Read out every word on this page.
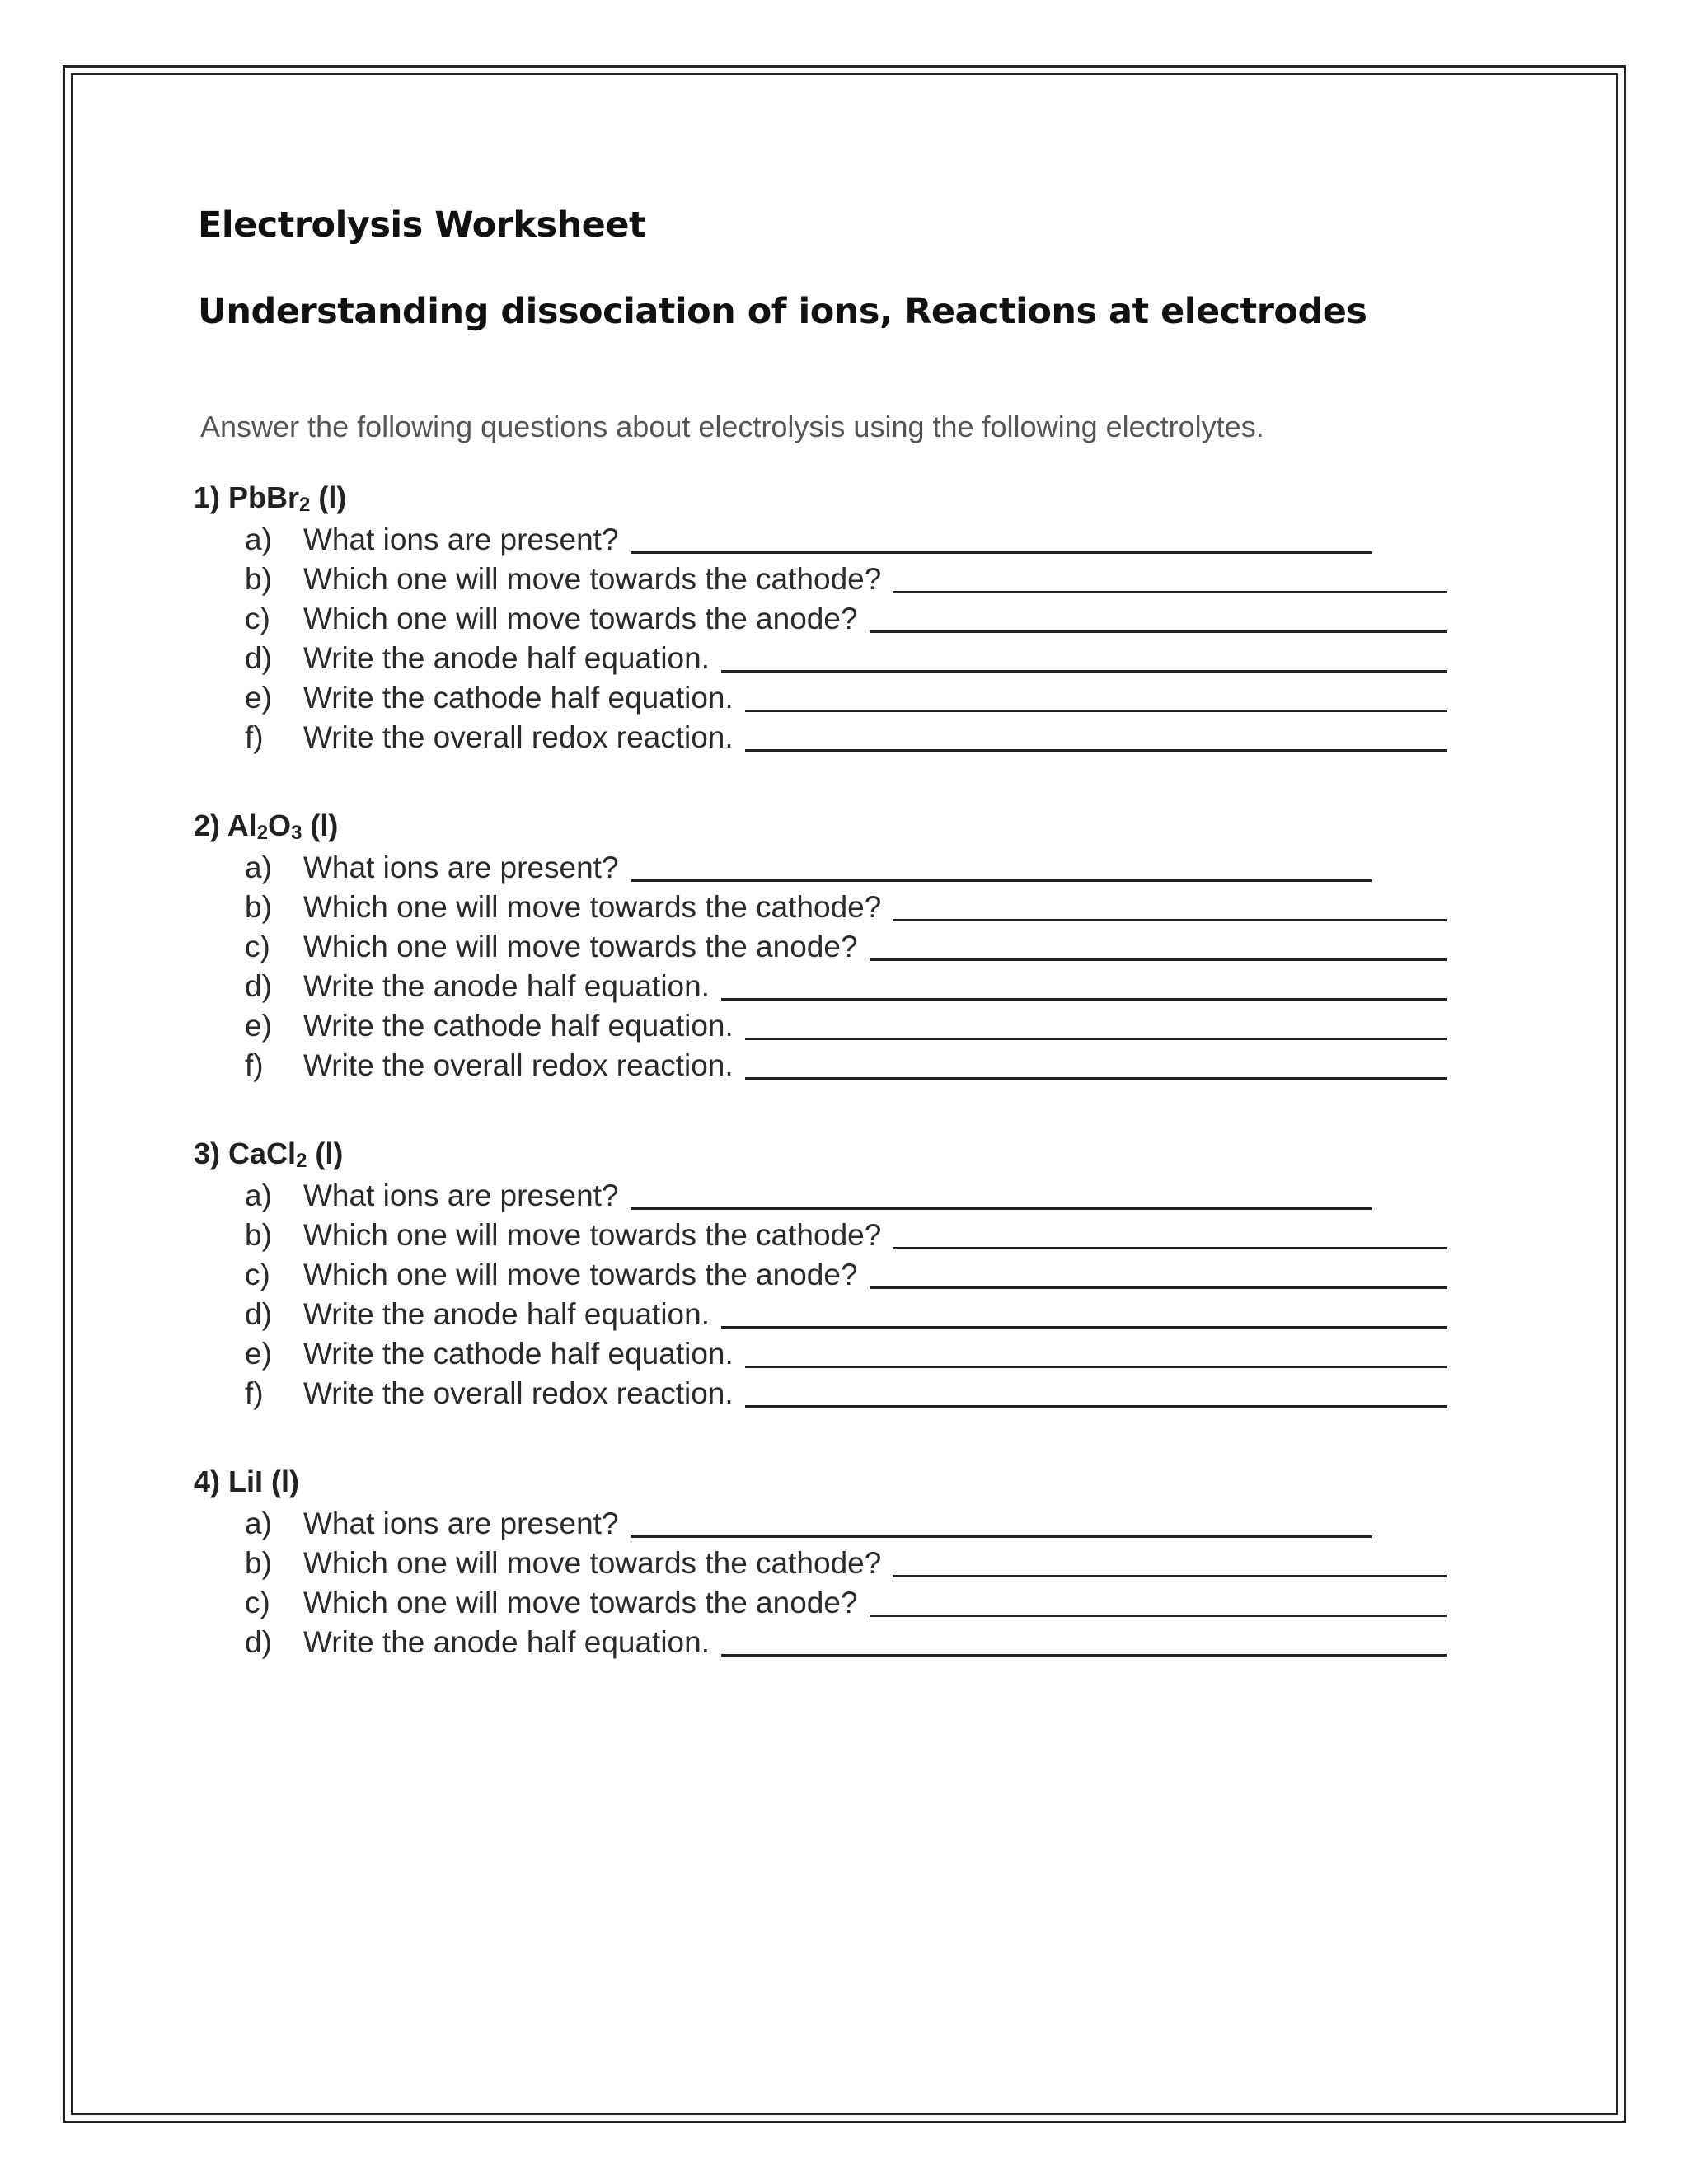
Electrolysis Worksheet
Understanding dissociation of ions, Reactions at electrodes
Answer the following questions about electrolysis using the following electrolytes.
1) PbBr$_2$ (l)
a)	What ions are present?
b)	Which one will move towards the cathode?
c)	Which one will move towards the anode?
d)	Write the anode half equation.
e)	Write the cathode half equation.
f)	Write the overall redox reaction.
2) $Al_2O_3$ (l)
a)	What ions are present?
b)	Which one will move towards the cathode?
c)	Which one will move towards the anode?
d)	Write the anode half equation.
e)	Write the cathode half equation.
f)	Write the overall redox reaction.
3) CaCl$_2$ (l)
a)	What ions are present?
b)	Which one will move towards the cathode?
c)	Which one will move towards the anode?
d)	Write the anode half equation.
e)	Write the cathode half equation.
f)	Write the overall redox reaction.
4) LiI (l)
a)	What ions are present?
b)	Which one will move towards the cathode?
c)	Which one will move towards the anode?
d)	Write the anode half equation.
